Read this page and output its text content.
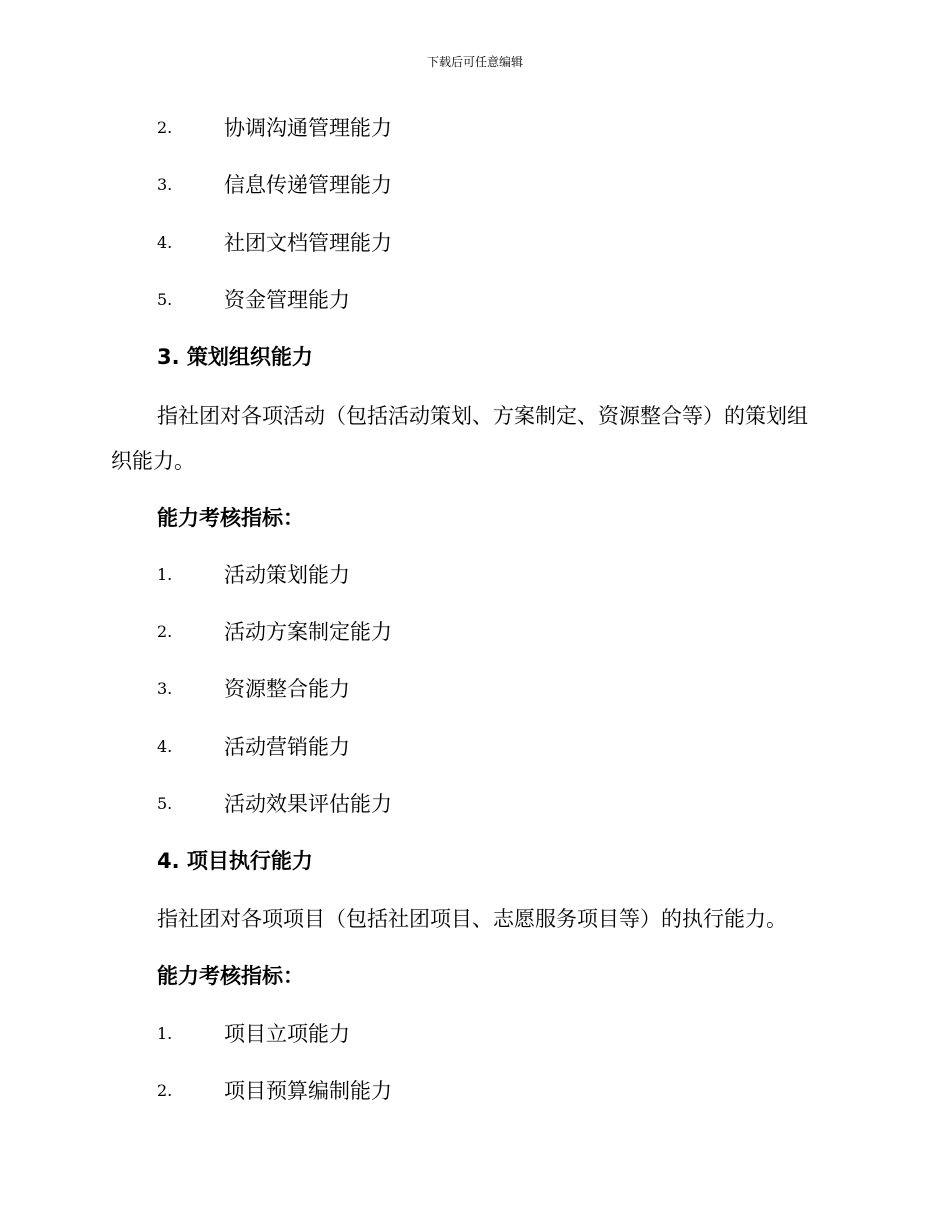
下载后可任意编辑
2. 协调沟通管理能力
3. 信息传递管理能力
4. 社团文档管理能力
5. 资金管理能力
3. 策划组织能力
指社团对各项活动（包括活动策划、方案制定、资源整合等）的策划组
织能力。
能力考核指标：
1. 活动策划能力
2. 活动方案制定能力
3. 资源整合能力
4. 活动营销能力
5. 活动效果评估能力
4. 项目执行能力
指社团对各项项目（包括社团项目、志愿服务项目等）的执行能力。
能力考核指标：
1. 项目立项能力
2. 项目预算编制能力
